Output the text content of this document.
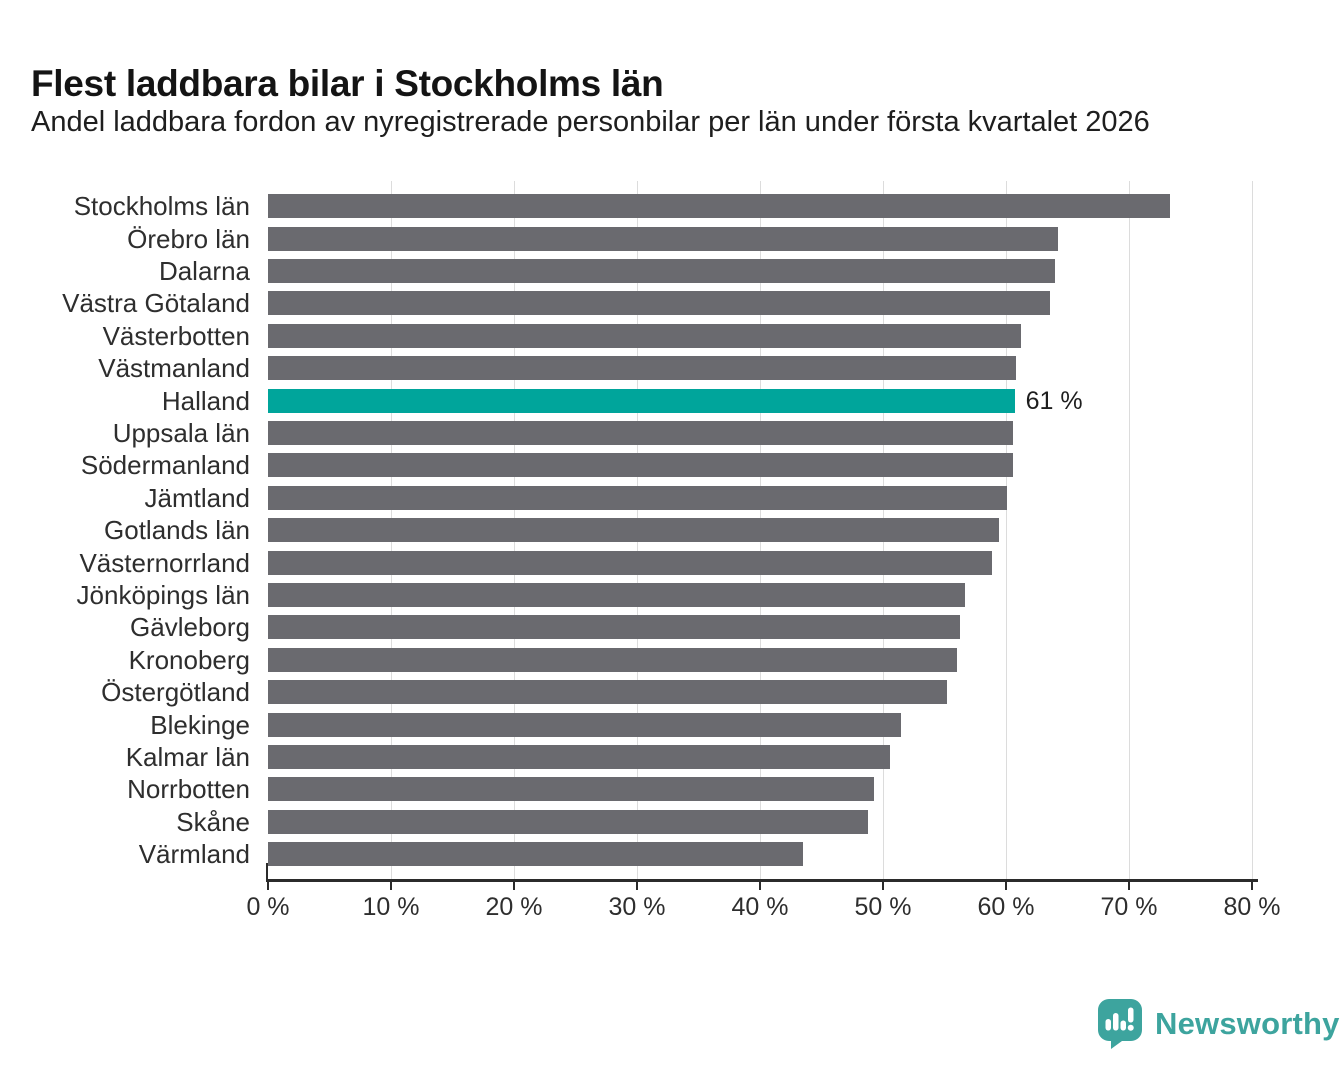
Flest laddbara bilar i Stockholms län
Andel laddbara fordon av nyregistrerade personbilar per län under första kvartalet 2026
Stockholms län
Örebro län
Dalarna
Västra Götaland
Västerbotten
Västmanland
Halland	61 %
Uppsala län
Södermanland
Jämtland
Gotlands län
Västernorrland
Jönköpings län
Gävleborg
Kronoberg
Östergötland
Blekinge
Kalmar län
Norrbotten
Skåne
Värmland
0 %	10 %	20 %	30 %	40 %	50 %	60 %	70 %	80 %
Newsworthy
